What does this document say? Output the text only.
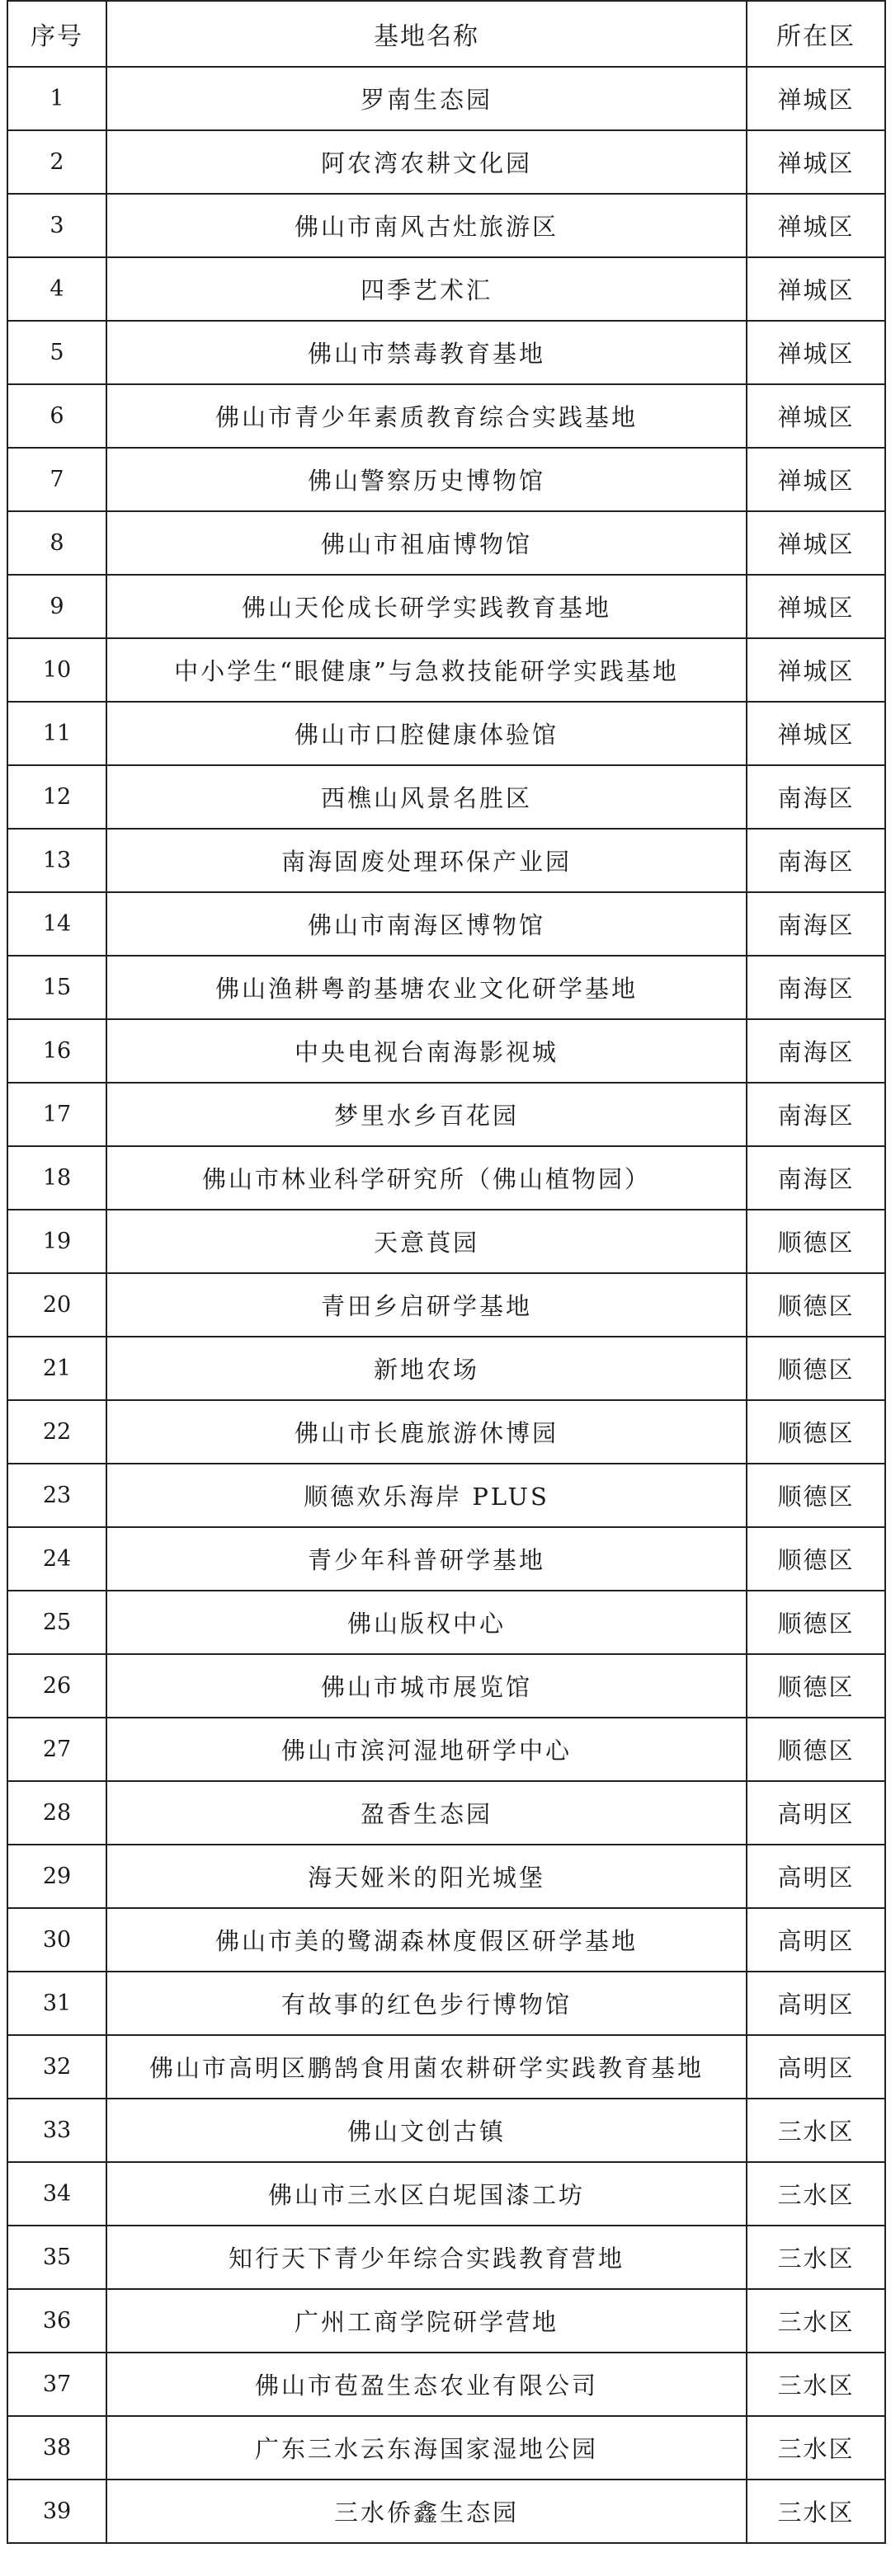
序号	基地名称	所在区
1	罗南生态园	禅城区
2	阿农湾农耕文化园	禅城区
3	佛山市南风古灶旅游区	禅城区
4	四季艺术汇	禅城区
5	佛山市禁毒教育基地	禅城区
6	佛山市青少年素质教育综合实践基地	禅城区
7	佛山警察历史博物馆	禅城区
8	佛山市祖庙博物馆	禅城区
9	佛山天伦成长研学实践教育基地	禅城区
10	中小学生“眼健康”与急救技能研学实践基地	禅城区
11	佛山市口腔健康体验馆	禅城区
12	西樵山风景名胜区	南海区
13	南海固废处理环保产业园	南海区
14	佛山市南海区博物馆	南海区
15	佛山渔耕粤韵基塘农业文化研学基地	南海区
16	中央电视台南海影视城	南海区
17	梦里水乡百花园	南海区
18	佛山市林业科学研究所（佛山植物园）	南海区
19	天意莨园	顺德区
20	青田乡启研学基地	顺德区
21	新地农场	顺德区
22	佛山市长鹿旅游休博园	顺德区
23	顺德欢乐海岸 PLUS	顺德区
24	青少年科普研学基地	顺德区
25	佛山版权中心	顺德区
26	佛山市城市展览馆	顺德区
27	佛山市滨河湿地研学中心	顺德区
28	盈香生态园	高明区
29	海天娅米的阳光城堡	高明区
30	佛山市美的鹭湖森林度假区研学基地	高明区
31	有故事的红色步行博物馆	高明区
32	佛山市高明区鹏鹄食用菌农耕研学实践教育基地	高明区
33	佛山文创古镇	三水区
34	佛山市三水区白坭国漆工坊	三水区
35	知行天下青少年综合实践教育营地	三水区
36	广州工商学院研学营地	三水区
37	佛山市苞盈生态农业有限公司	三水区
38	广东三水云东海国家湿地公园	三水区
39	三水侨鑫生态园	三水区
